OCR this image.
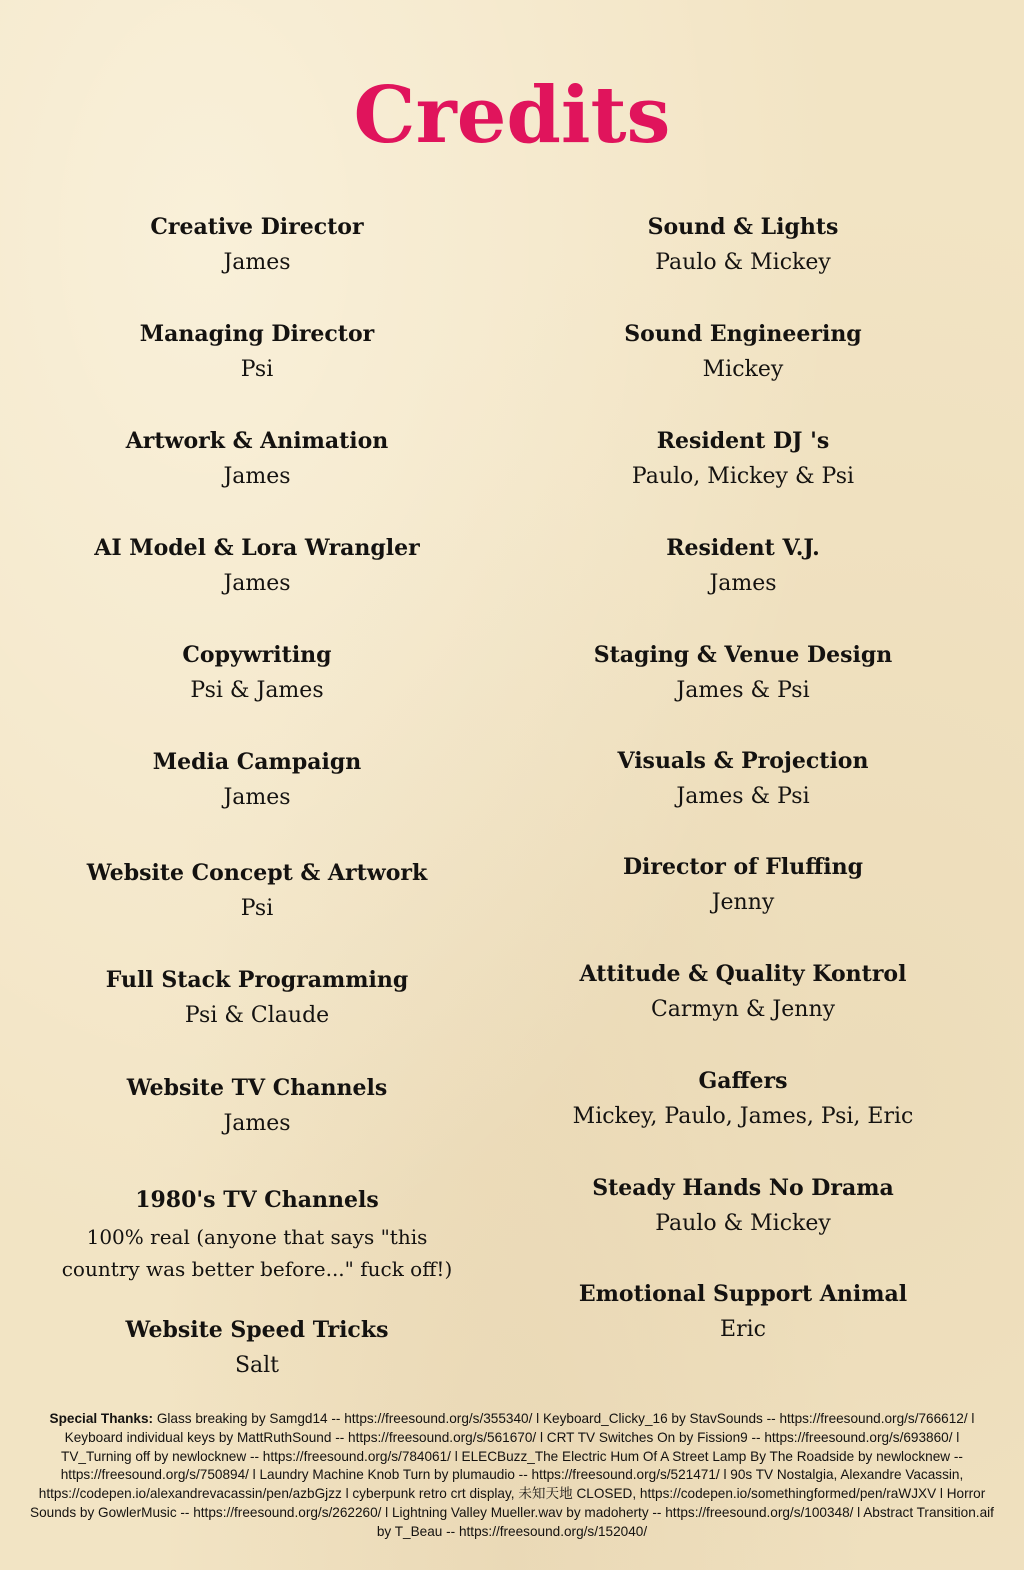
Credits
Creative Director
James
Managing Director
Psi
Artwork & Animation
James
AI Model & Lora Wrangler
James
Copywriting
Psi & James
Media Campaign
James
Website Concept & Artwork
Psi
Full Stack Programming
Psi & Claude
Website TV Channels
James
1980's TV Channels
100% real (anyone that says "this country was better before..." fuck off!)
Website Speed Tricks
Salt
Sound & Lights
Paulo & Mickey
Sound Engineering
Mickey
Resident DJ 's
Paulo, Mickey & Psi
Resident V.J.
James
Staging & Venue Design
James & Psi
Visuals & Projection
James & Psi
Director of Fluffing
Jenny
Attitude & Quality Kontrol
Carmyn & Jenny
Gaffers
Mickey, Paulo, James, Psi, Eric
Steady Hands No Drama
Paulo & Mickey
Emotional Support Animal
Eric
Special Thanks: Glass breaking by Samgd14 -- https://freesound.org/s/355340/ l Keyboard_Clicky_16 by StavSounds -- https://freesound.org/s/766612/ l Keyboard individual keys by MattRuthSound -- https://freesound.org/s/561670/ l CRT TV Switches On by Fission9 -- https://freesound.org/s/693860/ l TV_Turning off by newlocknew -- https://freesound.org/s/784061/ l ELECBuzz_The Electric Hum Of A Street Lamp By The Roadside by newlocknew -- https://freesound.org/s/750894/ l Laundry Machine Knob Turn by plumaudio -- https://freesound.org/s/521471/ l 90s TV Nostalgia, Alexandre Vacassin, https://codepen.io/alexandrevacassin/pen/azbGjzz l cyberpunk retro crt display, 未知天地 CLOSED, https://codepen.io/somethingformed/pen/raWJXV l Horror Sounds by GowlerMusic -- https://freesound.org/s/262260/ l Lightning Valley Mueller.wav by madoherty -- https://freesound.org/s/100348/ l Abstract Transition.aif by T_Beau -- https://freesound.org/s/152040/
